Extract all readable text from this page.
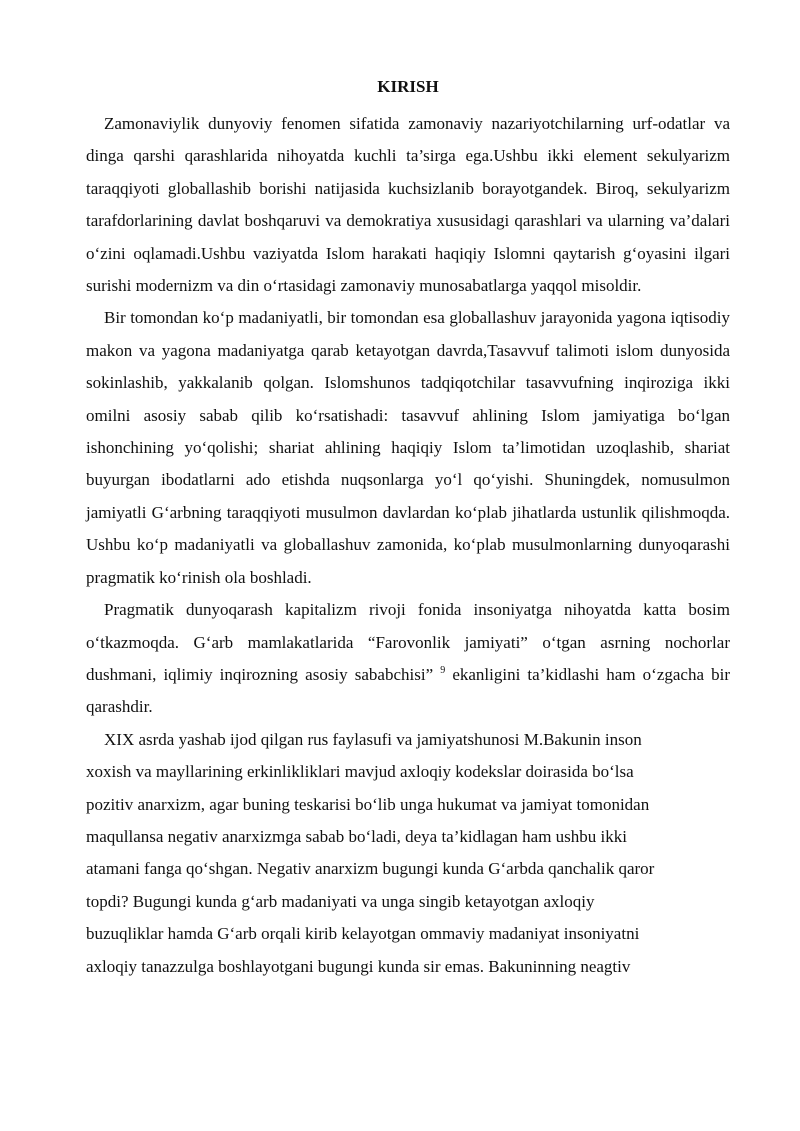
KIRISH

Zamonaviylik dunyoviy fenomen sifatida zamonaviy nazariyotchilarning urf-odatlar va dinga qarshi qarashlarida nihoyatda kuchli ta’sirga ega.Ushbu ikki element sekulyarizm taraqqiyoti globallashib borishi natijasida kuchsizlanib borayotgandek. Biroq, sekulyarizm tarafdorlarining davlat boshqaruvi va demokratiya xususidagi qarashlari va ularning va’dalari o‘zini oqlamadi.Ushbu vaziyatda Islom harakati haqiqiy Islomni qaytarish g‘oyasini ilgari surishi modernizm va din o‘rtasidagi zamonaviy munosabatlarga yaqqol misoldir.

Bir tomondan ko‘p madaniyatli, bir tomondan esa globallashuv jarayonida yagona iqtisodiy makon va yagona madaniyatga qarab ketayotgan davrda,Tasavvuf talimoti islom dunyosida sokinlashib, yakkalanib qolgan. Islomshunos tadqiqotchilar tasavvufning inqiroziga ikki omilni asosiy sabab qilib ko‘rsatishadi: tasavvuf ahlining Islom jamiyatiga bo‘lgan ishonchining yo‘qolishi; shariat ahlining haqiqiy Islom ta’limotidan uzoqlashib, shariat buyurgan ibodatlarni ado etishda nuqsonlarga yo‘l qo‘yishi. Shuningdek, nomusulmon jamiyatli G‘arbning taraqqiyoti musulmon davlardan ko‘plab jihatlarda ustunlik qilishmoqda. Ushbu ko‘p madaniyatli va globallashuv zamonida, ko‘plab musulmonlarning dunyoqarashi pragmatik ko‘rinish ola boshladi.

Pragmatik dunyoqarash kapitalizm rivoji fonida insoniyatga nihoyatda katta bosim o‘tkazmoqda. G‘arb mamlakatlarida “Farovonlik jamiyati” o‘tgan asrning nochorlar dushmani, iqlimiy inqirozning asosiy sababchisi” $^9$ ekanligini ta’kidlashi ham o‘zgacha bir qarashdir.

XIX asrda yashab ijod qilgan rus faylasufi va jamiyatshunosi M.Bakunin inson
xoxish va mayllarining erkinlikliklari mavjud axloqiy kodekslar doirasida bo‘lsa
pozitiv anarxizm, agar buning teskarisi bo‘lib unga hukumat va jamiyat tomonidan
maqullansa negativ anarxizmga sabab bo‘ladi, deya ta’kidlagan ham ushbu ikki
atamani fanga qo‘shgan. Negativ anarxizm bugungi kunda G‘arbda qanchalik qaror
topdi? Bugungi kunda g‘arb madaniyati va unga singib ketayotgan axloqiy
buzuqliklar hamda G‘arb orqali kirib kelayotgan ommaviy madaniyat insoniyatni
axloqiy tanazzulga boshlayotgani bugungi kunda sir emas. Bakuninning neagtiv
